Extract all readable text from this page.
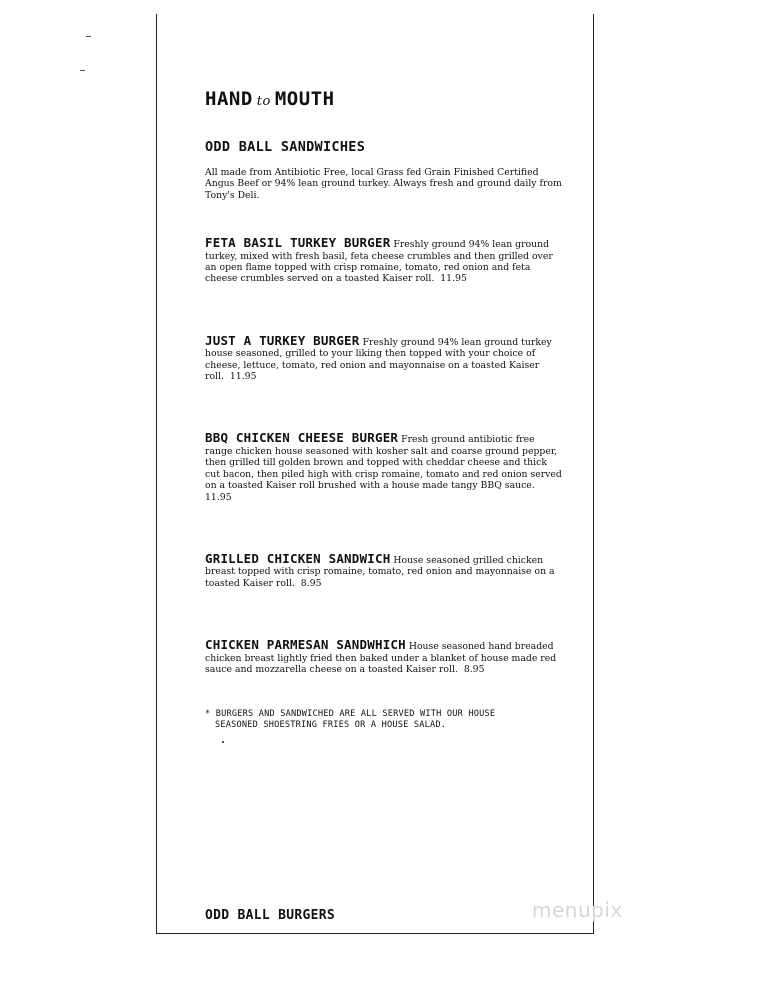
HAND to MOUTH
ODD BALL SANDWICHES

All made from Antibiotic Free, local Grass fed Grain Finished Certified Angus Beef or 94% lean ground turkey. Always fresh and ground daily from Tony's Deli.

FETA BASIL TURKEY BURGER Freshly ground 94% lean ground turkey, mixed with fresh basil, feta cheese crumbles and then grilled over an open flame topped with crisp romaine, tomato, red onion and feta cheese crumbles served on a toasted Kaiser roll. 11.95

JUST A TURKEY BURGER Freshly ground 94% lean ground turkey house seasoned, grilled to your liking then topped with your choice of cheese, lettuce, tomato, red onion and mayonnaise on a toasted Kaiser roll. 11.95

BBQ CHICKEN CHEESE BURGER Fresh ground antibiotic free range chicken house seasoned with kosher salt and coarse ground pepper, then grilled till golden brown and topped with cheddar cheese and thick cut bacon, then piled high with crisp romaine, tomato and red onion served on a toasted Kaiser roll brushed with a house made tangy BBQ sauce.  11.95

GRILLED CHICKEN SANDWICH House seasoned grilled chicken breast topped with crisp romaine, tomato, red onion and mayonnaise on a toasted Kaiser roll. 8.95

CHICKEN PARMESAN SANDWHICH House seasoned hand breaded chicken breast lightly fried then baked under a blanket of house made red sauce and mozzarella cheese on a toasted Kaiser roll. 8.95

* BURGERS AND SANDWICHED ARE ALL SERVED WITH OUR HOUSE
SEASONED SHOESTRING FRIES OR A HOUSE SALAD.

ODD BALL BURGERS	menupix
